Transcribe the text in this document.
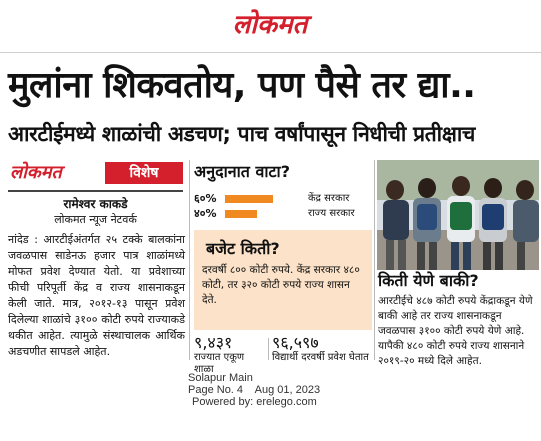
लोकमत
मुलांना शिकवतोय, पण पैसे तर द्या..
आरटीईमध्ये शाळांची अडचण; पाच वर्षांपासून निधीची प्रतीक्षाच
लोकमत	विशेष
रामेश्वर काकडे
लोकमत न्यूज नेटवर्क
नांदेड : आरटीईअंतर्गत २५ टक्के बालकांना जवळपास साडेनऊ हजार पात्र शाळांमध्ये मोफत प्रवेश देण्यात येतो. या प्रवेशाच्या फीची परिपूर्ती केंद्र व राज्य शासनाकडून केली जाते. मात्र, २०१२-१३ पासून प्रवेश दिलेल्या शाळांचे ३१०० कोटी रुपये राज्याकडे थकीत आहेत. त्यामुळे संस्थाचालक आर्थिक अडचणीत सापडले आहेत.
अनुदानात वाटा?
६०%	केंद्र सरकार
४०%	राज्य सरकार
बजेट किती?
दरवर्षी ८०० कोटी रुपये. केंद्र सरकार ४८० कोटी, तर ३२० कोटी रुपये राज्य शासन देते.
९,४३१
राज्यात एकूण शाळा
९६,५९७
विद्यार्थी दरवर्षी प्रवेश घेतात
किती येणे बाकी?
आरटीईचे ४८७ कोटी रुपये केंद्राकडून येणे बाकी आहे तर राज्य शासनाकडून जवळपास ३१०० कोटी रुपये येणे आहे. यापैकी ४८० कोटी रुपये राज्य शासनाने २०१९-२० मध्ये दिले आहेत.
Solapur Main
Page No. 4    Aug 01, 2023
Powered by: erelego.com
